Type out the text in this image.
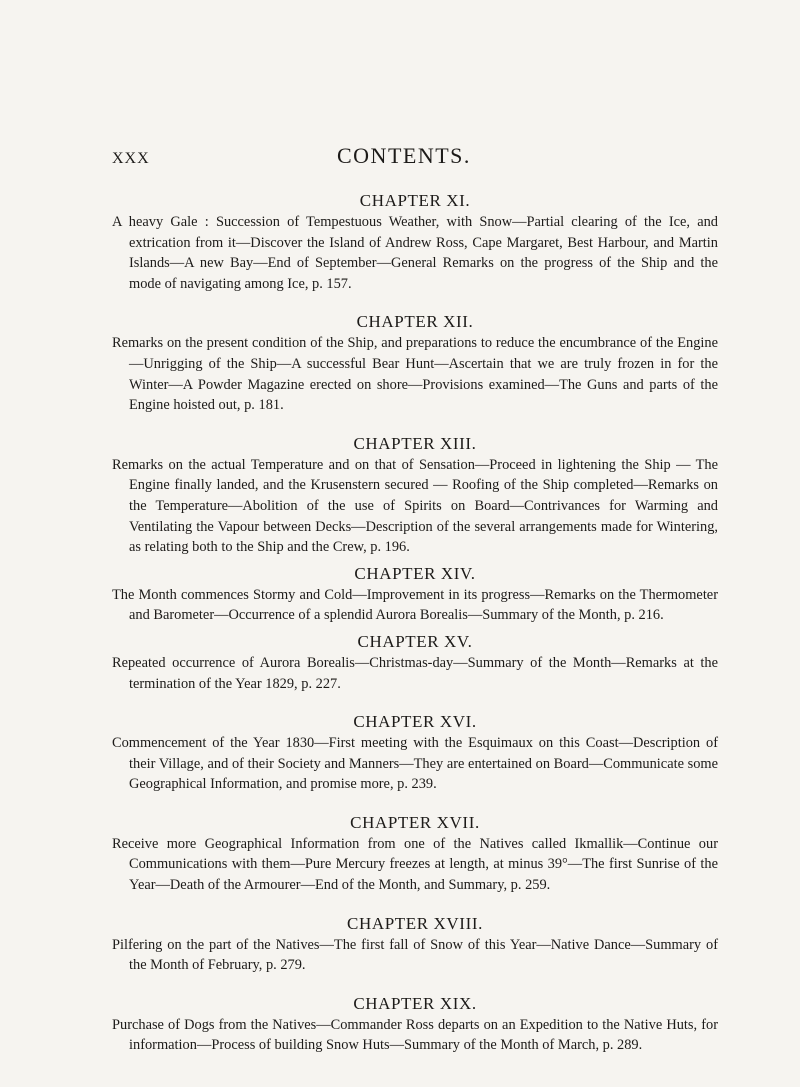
XXX	CONTENTS.

CHAPTER XI.

A heavy Gale : Succession of Tempestuous Weather, with Snow—Partial clearing of the Ice, and extrication from it—Discover the Island of Andrew Ross, Cape Margaret, Best Harbour, and Martin Islands—A new Bay—End of September—General Remarks on the progress of the Ship and the mode of navigating among Ice, p. 157.

CHAPTER XII.

Remarks on the present condition of the Ship, and preparations to reduce the encumbrance of the Engine—Unrigging of the Ship—A successful Bear Hunt—Ascertain that we are truly frozen in for the Winter—A Powder Magazine erected on shore—Provisions examined—The Guns and parts of the Engine hoisted out, p. 181.

CHAPTER XIII.

Remarks on the actual Temperature and on that of Sensation—Proceed in lightening the Ship — The Engine finally landed, and the Krusenstern secured — Roofing of the Ship completed—Remarks on the Temperature—Abolition of the use of Spirits on Board—Contrivances for Warming and Ventilating the Vapour between Decks—Description of the several arrangements made for Wintering, as relating both to the Ship and the Crew, p. 196.

CHAPTER XIV.

The Month commences Stormy and Cold—Improvement in its progress—Remarks on the Thermometer and Barometer—Occurrence of a splendid Aurora Borealis—Summary of the Month, p. 216.

CHAPTER XV.

Repeated occurrence of Aurora Borealis—Christmas-day—Summary of the Month—Remarks at the termination of the Year 1829, p. 227.

CHAPTER XVI.

Commencement of the Year 1830—First meeting with the Esquimaux on this Coast—Description of their Village, and of their Society and Manners—They are entertained on Board—Communicate some Geographical Information, and promise more, p. 239.

CHAPTER XVII.

Receive more Geographical Information from one of the Natives called Ikmallik—Continue our Communications with them—Pure Mercury freezes at length, at minus 39°—The first Sunrise of the Year—Death of the Armourer—End of the Month, and Summary, p. 259.

CHAPTER XVIII.

Pilfering on the part of the Natives—The first fall of Snow of this Year—Native Dance—Summary of the Month of February, p. 279.

CHAPTER XIX.

Purchase of Dogs from the Natives—Commander Ross departs on an Expedition to the Native Huts, for information—Process of building Snow Huts—Summary of the Month of March, p. 289.
